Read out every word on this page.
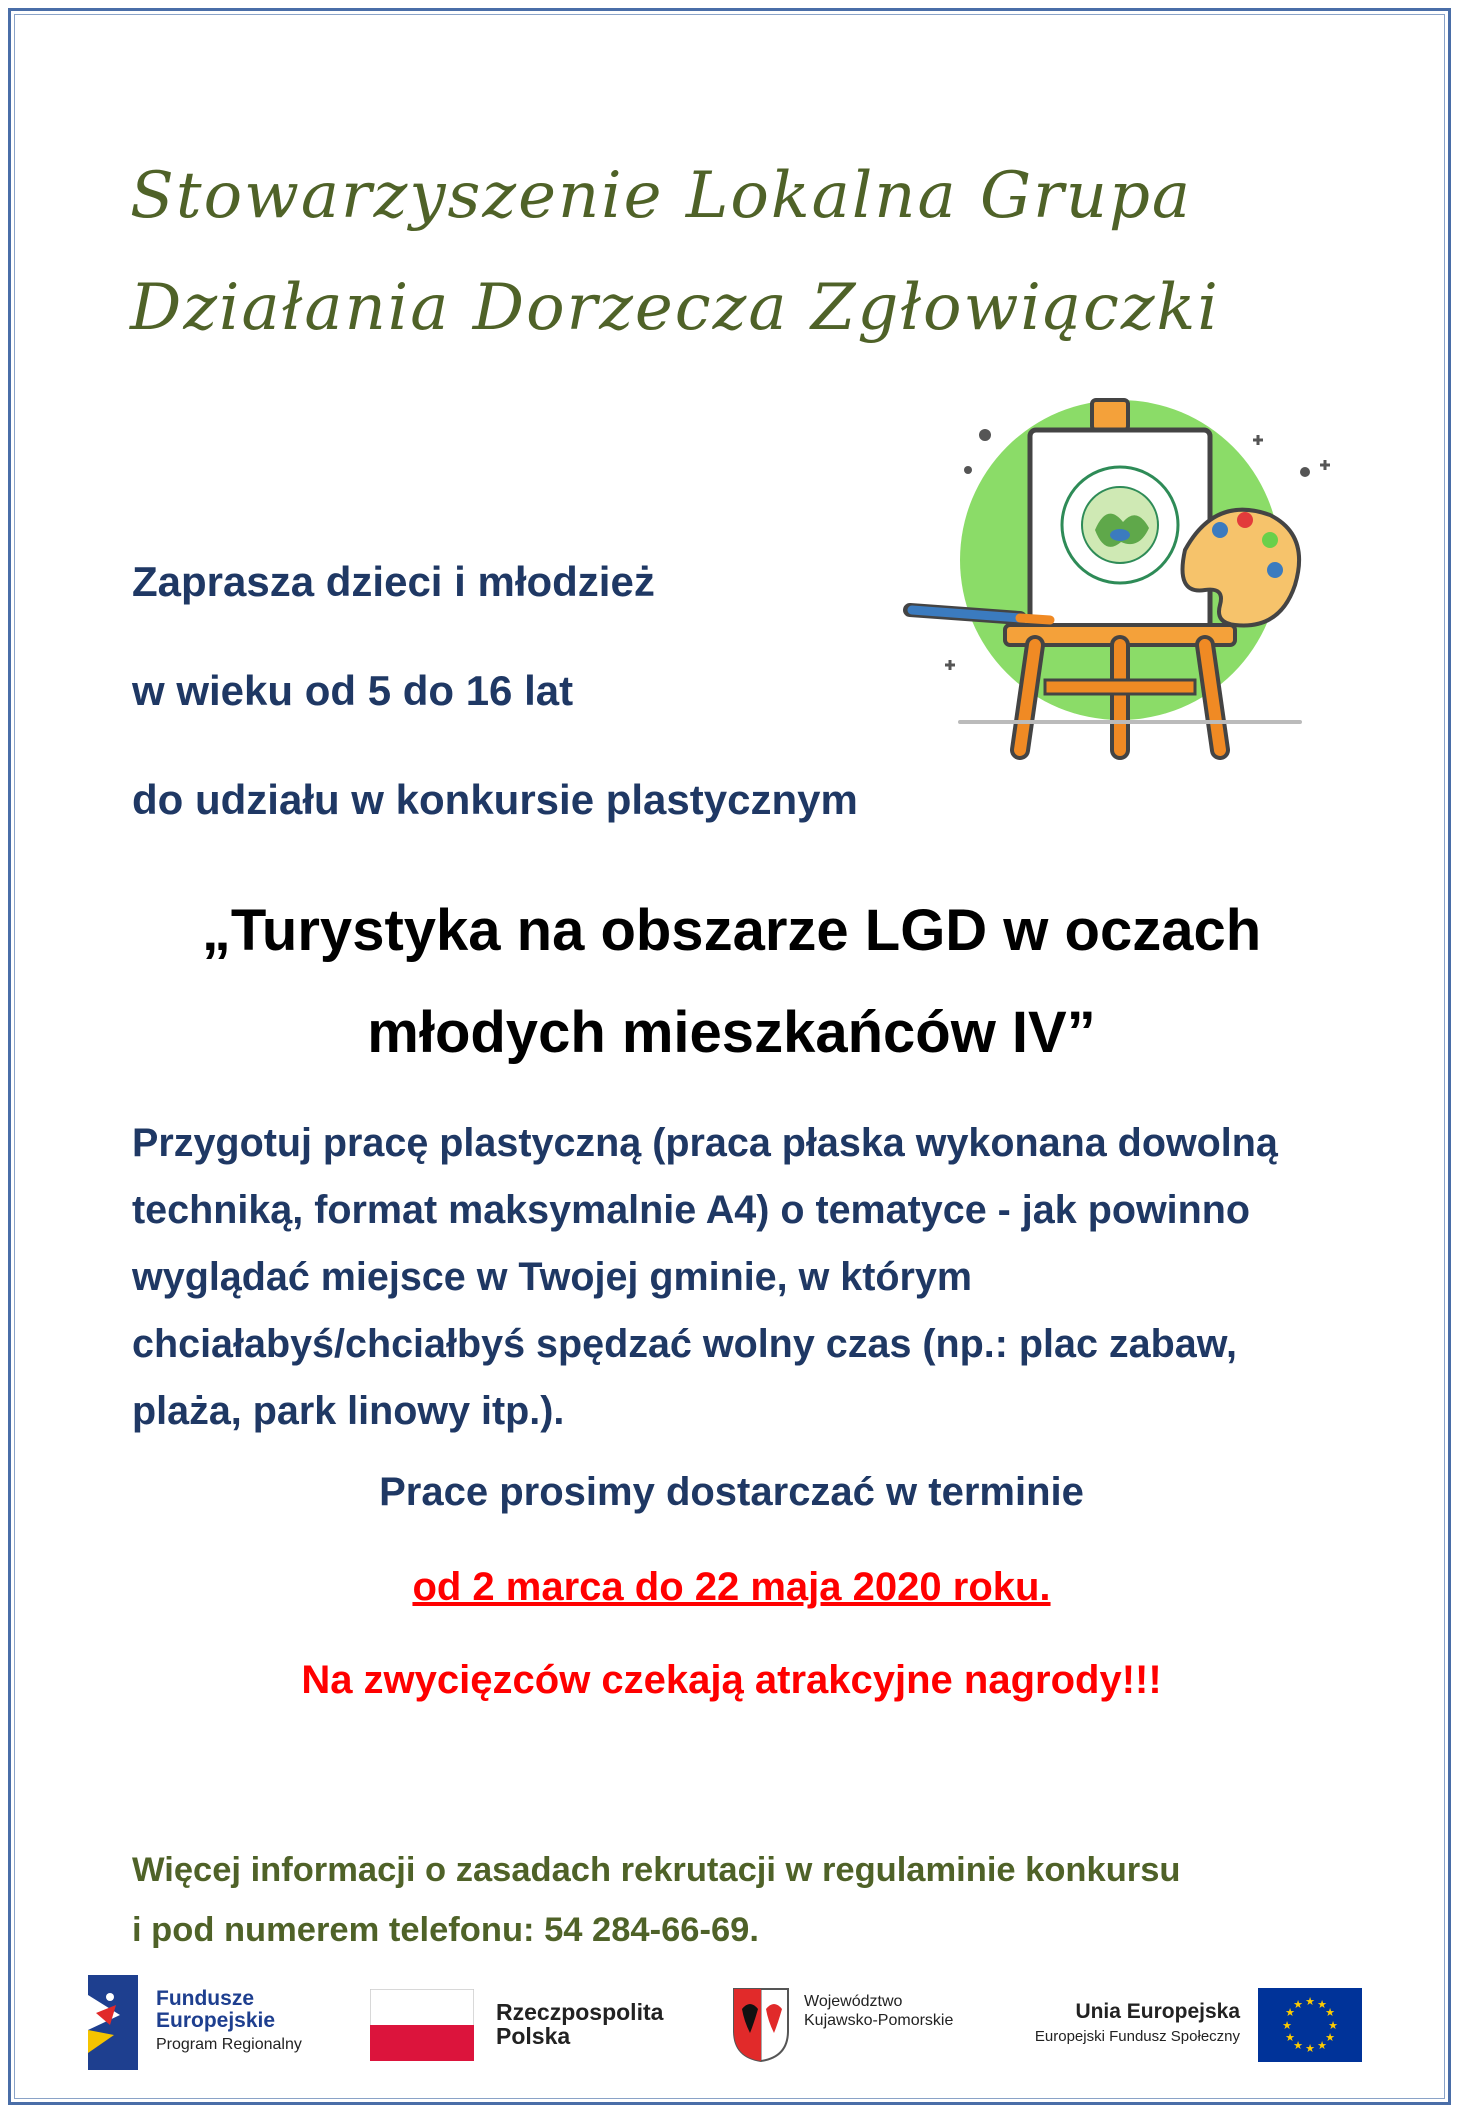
Stowarzyszenie Lokalna Grupa
Działania Dorzecza Zgłowiączki
Zaprasza dzieci i młodzież
w wieku od 5 do 16 lat
do udziału w konkursie plastycznym
„Turystyka na obszarze LGD w oczach
młodych mieszkańców IV”
Przygotuj pracę plastyczną (praca płaska wykonana dowolną
techniką, format maksymalnie A4) o tematyce - jak powinno
wyglądać miejsce w Twojej gminie, w którym
chciałabyś/chciałbyś spędzać wolny czas (np.: plac zabaw,
plaża, park linowy itp.).
Prace prosimy dostarczać w terminie
od 2 marca do 22 maja 2020 roku.
Na zwycięzców czekają atrakcyjne nagrody!!!
Więcej informacji o zasadach rekrutacji w regulaminie konkursu
i pod numerem telefonu: 54 284-66-69.
Fundusze
Europejskie
Program Regionalny
Rzeczpospolita
Polska
Województwo
Kujawsko-Pomorskie	Unia Europejska
Europejski Fundusz Społeczny
★ ★
★
★
★
★
★
★
★
★
★
★
